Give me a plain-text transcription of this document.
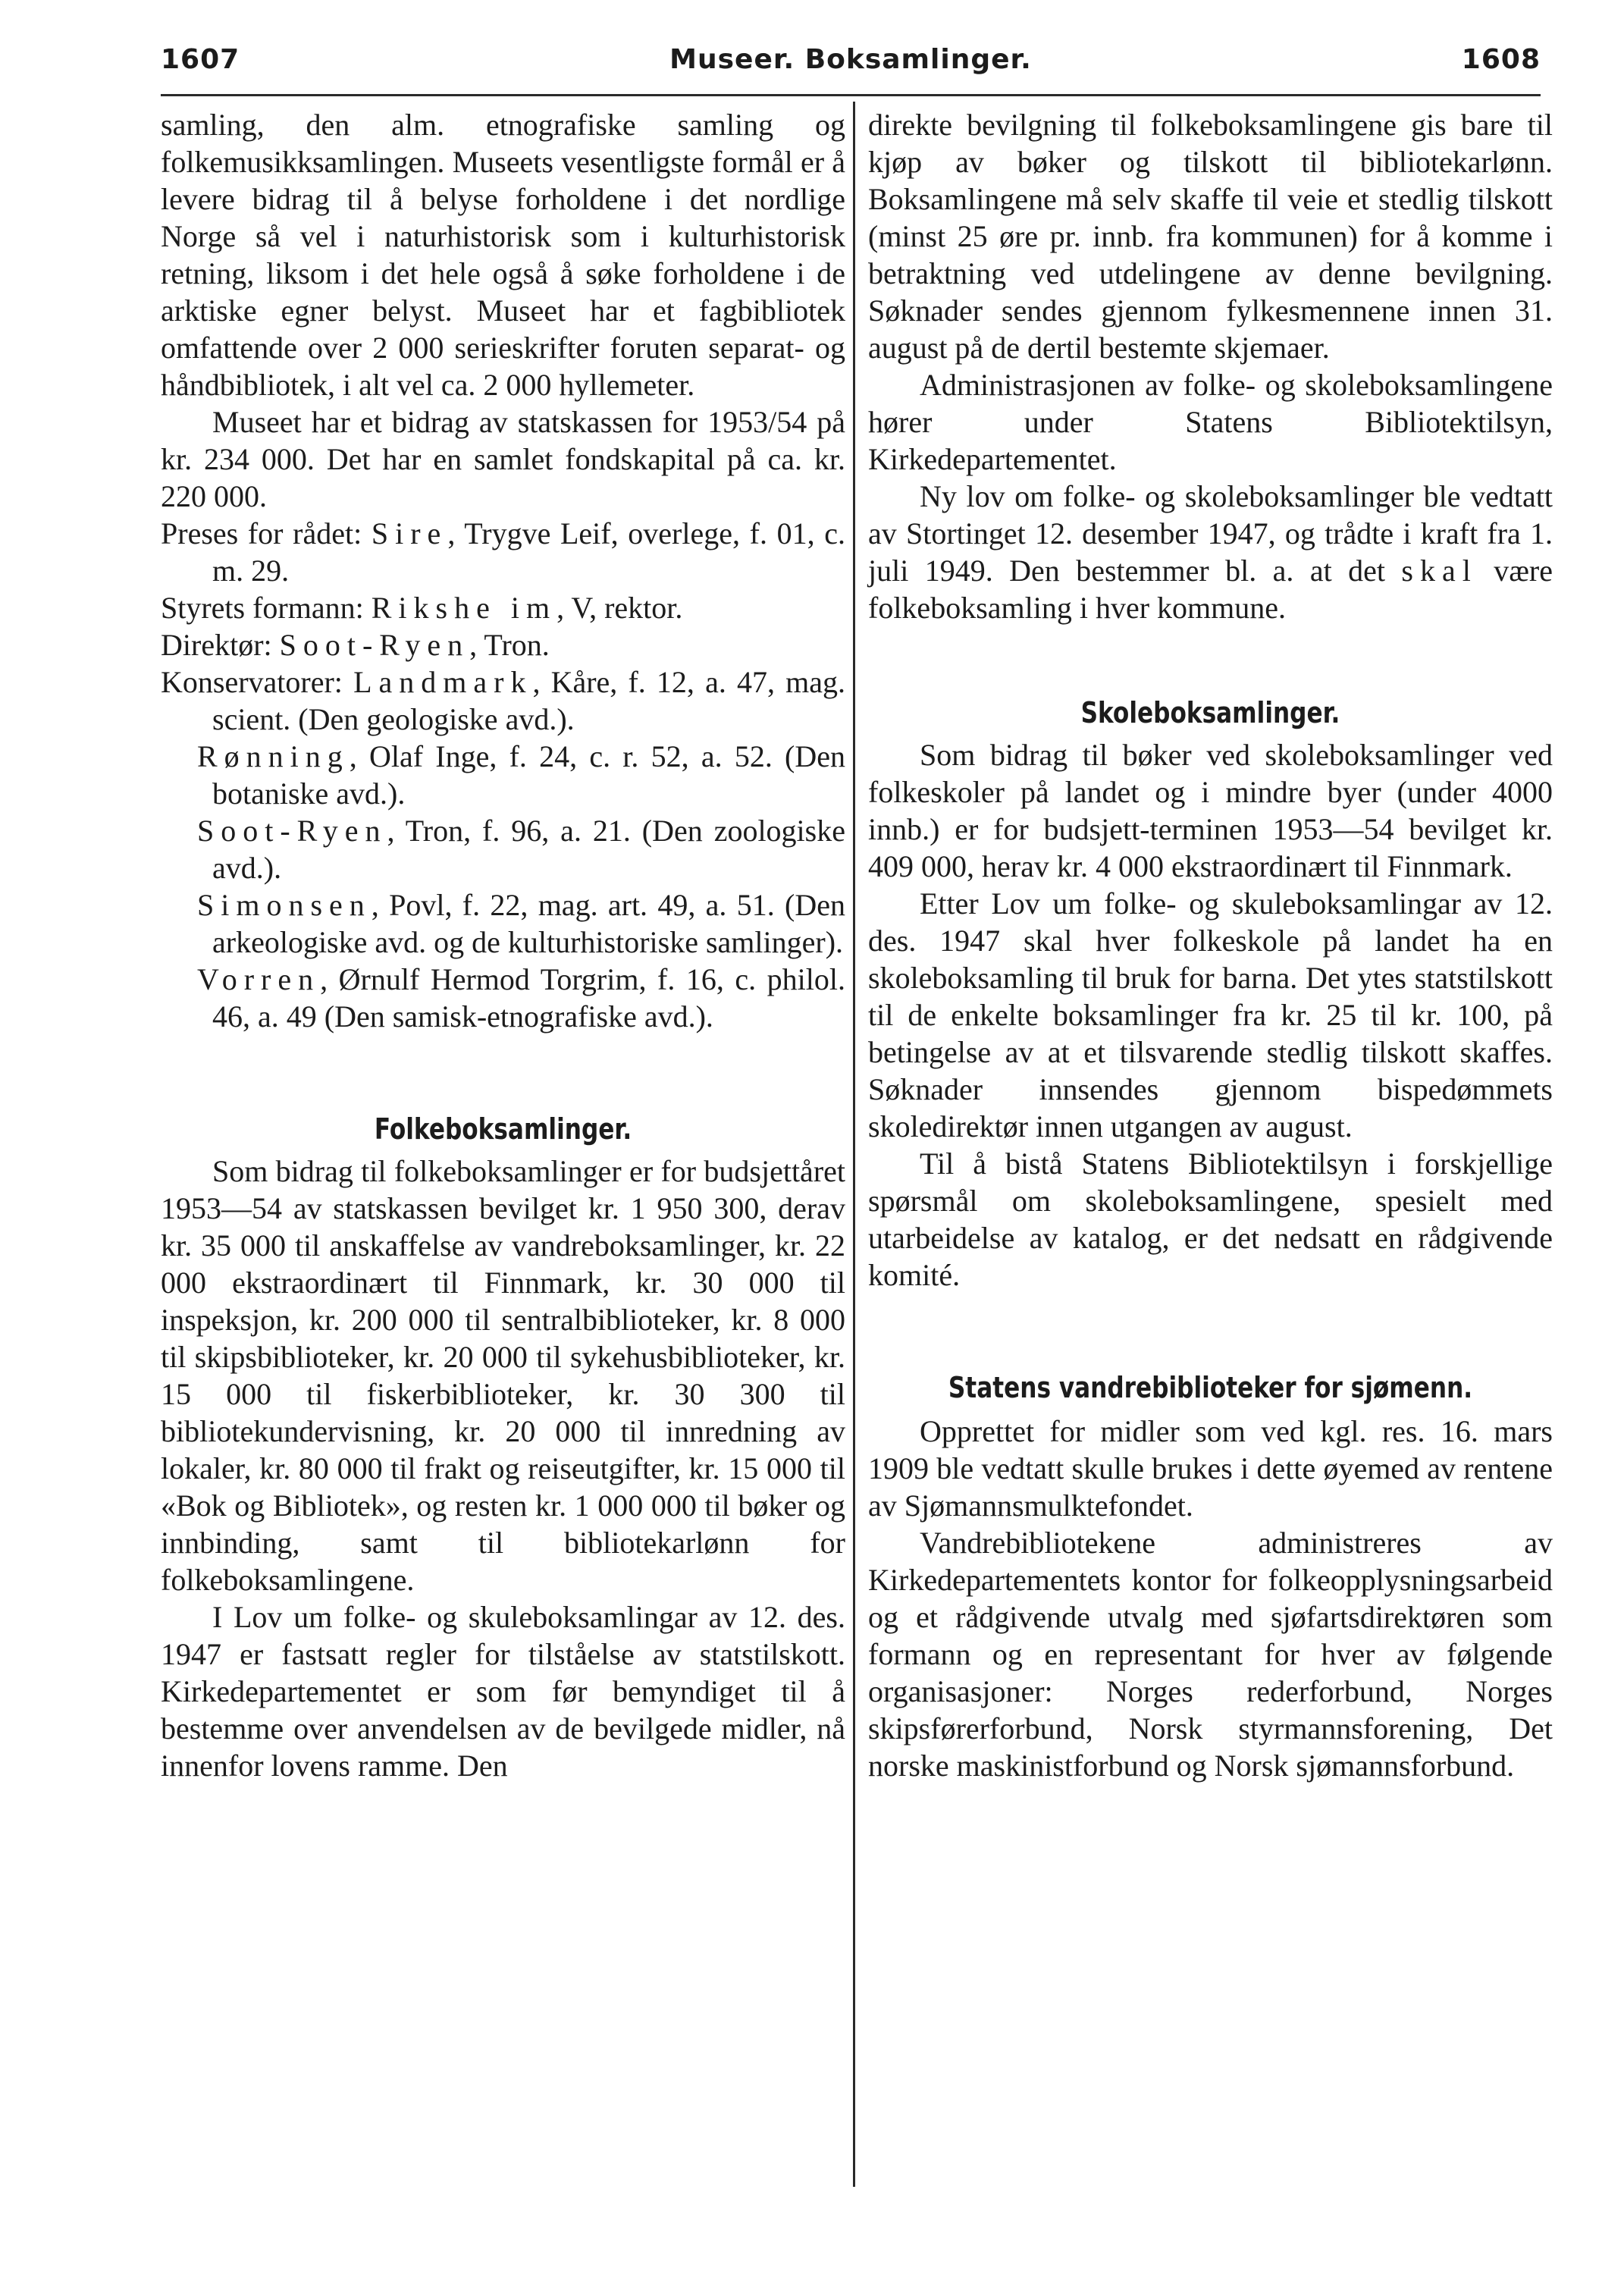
1607	Museer. Boksamlinger.	1608

samling, den alm. etnografiske samling og folkemusikksamlingen. Museets vesentligste formål er å levere bidrag til å belyse forholdene i det nordlige Norge så vel i naturhistorisk som i kulturhistorisk retning, liksom i det hele også å søke forholdene i de arktiske egner belyst. Museet har et fagbibliotek omfattende over 2 000 serieskrifter foruten separat- og håndbibliotek, i alt vel ca. 2 000 hyllemeter.

Museet har et bidrag av statskassen for 1953/54 på kr. 234 000. Det har en samlet fondskapital på ca. kr. 220 000.

Preses for rådet: Sire, Trygve Leif, overlege, f. 01, c. m. 29.

Styrets formann: Rikshe im, V, rektor.

Direktør: Soot-Ryen, Tron.

Konservatorer: Landmark, Kåre, f. 12, a. 47, mag. scient. (Den geologiske avd.).

Rønning, Olaf Inge, f. 24, c. r. 52, a. 52. (Den botaniske avd.).

Soot-Ryen, Tron, f. 96, a. 21. (Den zoologiske avd.).

Simonsen, Povl, f. 22, mag. art. 49, a. 51. (Den arkeologiske avd. og de kulturhistoriske samlinger).

Vorren, Ørnulf Hermod Torgrim, f. 16, c. philol. 46, a. 49 (Den samisk-etnografiske avd.).

Folkeboksamlinger.

Som bidrag til folkeboksamlinger er for budsjettåret 1953—54 av statskassen bevilget kr. 1 950 300, derav kr. 35 000 til anskaffelse av vandreboksamlinger, kr. 22 000 ekstraordinært til Finnmark, kr. 30 000 til inspeksjon, kr. 200 000 til sentralbiblioteker, kr. 8 000 til skipsbiblioteker, kr. 20 000 til sykehusbiblioteker, kr. 15 000 til fiskerbiblioteker, kr. 30 300 til bibliotekundervisning, kr. 20 000 til innredning av lokaler, kr. 80 000 til frakt og reiseutgifter, kr. 15 000 til «Bok og Bibliotek», og resten kr. 1 000 000 til bøker og innbinding, samt til bibliotekarlønn for folkeboksamlingene.

I Lov um folke- og skuleboksamlingar av 12. des. 1947 er fastsatt regler for tilståelse av statstilskott. Kirkedepartementet er som før bemyndiget til å bestemme over anvendelsen av de bevilgede midler, nå innenfor lovens ramme. Den

direkte bevilgning til folkeboksamlingene gis bare til kjøp av bøker og tilskott til bibliotekarlønn. Boksamlingene må selv skaffe til veie et stedlig tilskott (minst 25 øre pr. innb. fra kommunen) for å komme i betraktning ved utdelingene av denne bevilgning. Søknader sendes gjennom fylkesmennene innen 31. august på de dertil bestemte skjemaer.

Administrasjonen av folke- og skoleboksamlingene hører under Statens Bibliotektilsyn, Kirkedepartementet.

Ny lov om folke- og skoleboksamlinger ble vedtatt av Stortinget 12. desember 1947, og trådte i kraft fra 1. juli 1949. Den bestemmer bl. a. at det skal være folkeboksamling i hver kommune.

Skoleboksamlinger.

Som bidrag til bøker ved skoleboksamlinger ved folkeskoler på landet og i mindre byer (under 4000 innb.) er for budsjett-terminen 1953—54 bevilget kr. 409 000, herav kr. 4 000 ekstraordinært til Finnmark.

Etter Lov um folke- og skuleboksamlingar av 12. des. 1947 skal hver folkeskole på landet ha en skoleboksamling til bruk for barna. Det ytes statstilskott til de enkelte boksamlinger fra kr. 25 til kr. 100, på betingelse av at et tilsvarende stedlig tilskott skaffes. Søknader innsendes gjennom bispedømmets skoledirektør innen utgangen av august.

Til å bistå Statens Bibliotektilsyn i forskjellige spørsmål om skoleboksamlingene, spesielt med utarbeidelse av katalog, er det nedsatt en rådgivende komité.

Statens vandrebiblioteker for sjømenn.

Opprettet for midler som ved kgl. res. 16. mars 1909 ble vedtatt skulle brukes i dette øyemed av rentene av Sjømannsmulktefondet.

Vandrebibliotekene administreres av Kirkedepartementets kontor for folkeopplysningsarbeid og et rådgivende utvalg med sjøfartsdirektøren som formann og en representant for hver av følgende organisasjoner: Norges rederforbund, Norges skipsførerforbund, Norsk styrmannsforening, Det norske maskinistforbund og Norsk sjømannsforbund.
